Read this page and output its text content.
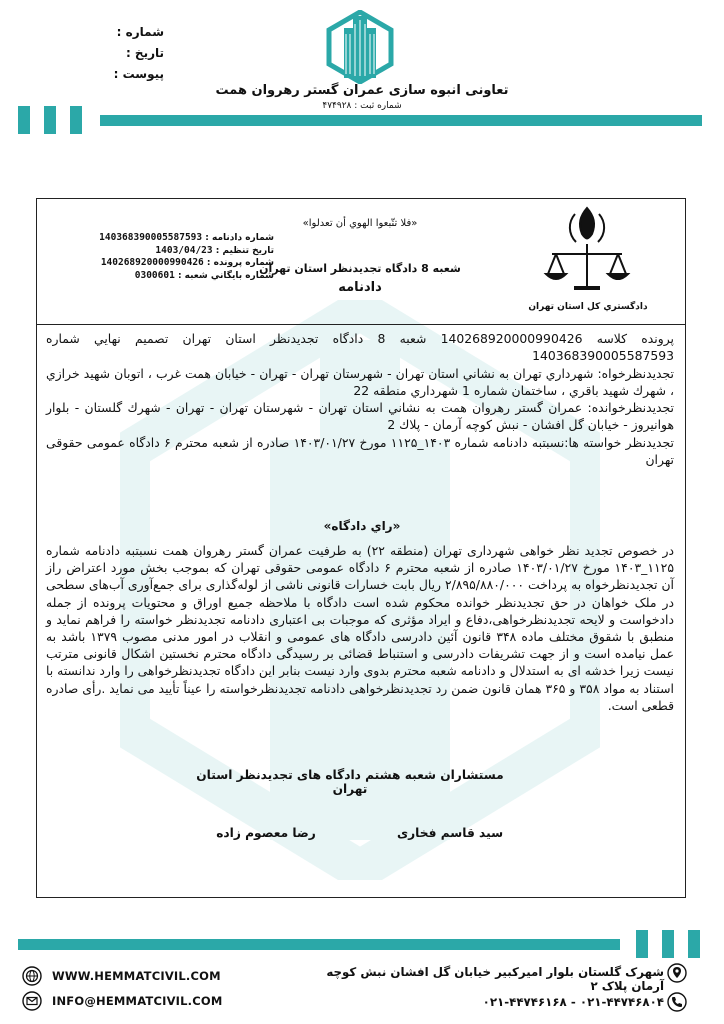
شماره :
تاریخ :
پیوست :
تعاونی انبوه سازی عمران گستر رهروان همت
شماره ثبت : ۴۷۴۹۲۸
دادگستري كل استان تهران
«فلا تتّبعوا الهوي أن تعدلوا»
شعبه 8 دادگاه تجديدنظر استان تهران
دادنامه
شماره دادنامه : 140368390005587593
تاريخ تنظيم : 1403/04/23
شماره پرونده : 140268920000990426
شماره بايگاني شعبه : 0300601

پرونده كلاسه 140268920000990426 شعبه 8 دادگاه تجديدنظر استان تهران تصميم نهايي شماره 140368390005587593

تجديدنظرخواه: شهرداري تهران به نشاني استان تهران - شهرستان تهران - تهران - خيابان همت غرب ، اتوبان شهيد خرازي ، شهرك شهيد باقري ، ساختمان شماره 1 شهرداري منطقه 22

تجديدنظرخوانده: عمران گستر رهروان همت به نشاني استان تهران - شهرستان تهران - تهران - شهرك گلستان - بلوار هوانيروز - خيابان گل افشان - نبش كوچه آرمان - پلاك 2

تجديدنظر خواسته ها:نسبتبه دادنامه شماره ۱۴۰۳_۱۱۲۵ مورخ ۱۴۰۳/۰۱/۲۷ صادره از شعبه محترم ۶ دادگاه عمومی حقوقی تهران

«راي دادگاه»
در خصوص تجدید نظر خواهی شهرداری تهران (منطقه ۲۲) به طرفیت عمران گستر رهروان همت نسبتبه دادنامه شماره ۱۱۲۵_۱۴۰۳ مورخ ۱۴۰۳/۰۱/۲۷ صادره از شعبه محترم ۶ دادگاه عمومی حقوقی تهران که بموجب بخش مورد اعتراض راز آن تجدیدنظرخواه به پرداخت ۲/۸۹۵/۸۸۰/۰۰۰ ریال بابت خسارات قانونی ناشی از لوله‌گذاری برای جمع‌آوری آب‌های سطحی در ملک خواهان در حق تجدیدنظر خوانده محکوم شده است دادگاه با ملاحظه جمیع اوراق و محتویات پرونده از جمله دادخواست و لایحه تجدیدنظرخواهی،دفاع و ایراد مؤثری که موجبات بی اعتباری دادنامه تجدیدنظر خواسته را فراهم نماید و منطبق با شقوق مختلف ماده ۳۴۸ قانون آئین دادرسی دادگاه های عمومی و انقلاب در امور مدنی مصوب ۱۳۷۹ باشد به عمل نیامده است و از جهت تشریفات دادرسی و استنباط قضائی بر رسیدگی دادگاه محترم نخستین اشکال قانونی مترتب نیست زیرا خدشه ای به استدلال و دادنامه شعبه محترم بدوی وارد نیست بنابر این دادگاه تجدیدنظرخواهی را وارد ندانسته با استناد به مواد ۳۵۸ و ۳۶۵ همان قانون ضمن رد تجدیدنظرخواهی دادنامه تجدیدنظرخواسته را عیناً تأیید می نماید .رأی صادره قطعی است.
مستشاران شعبه هشتم دادگاه های تجديدنظر استان تهران
سيد قاسم فخاری
رضا معصوم زاده
شهرک گلستان بلوار امیرکبیر خیابان گل افشان نبش کوچه آرمان پلاک ۲
۰۲۱-۴۴۷۴۶۸۰۴ - ۰۲۱-۴۴۷۴۶۱۶۸
WWW.HEMMATCIVIL.COM
INFO@HEMMATCIVIL.COM
